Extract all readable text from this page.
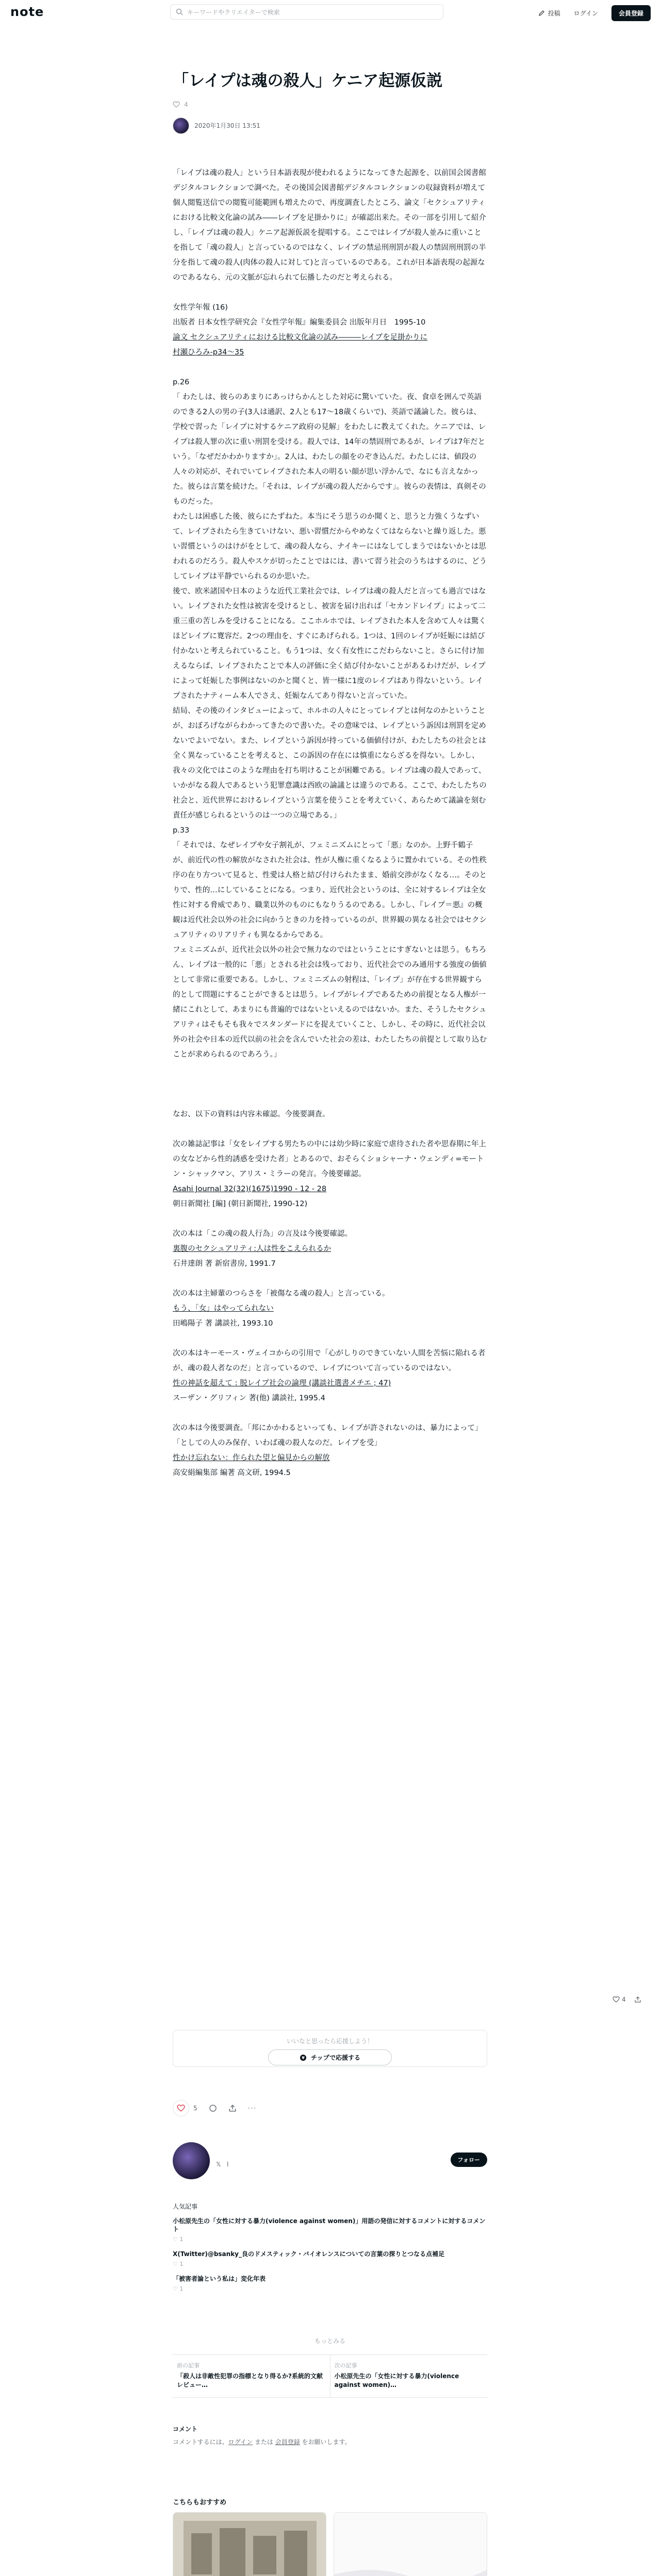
note	キーワードやクリエイターで検索	投稿 ログイン	会員登録
「レイプは魂の殺人」ケニア起源仮説
4
2020年1月30日 13:51

「レイプは魂の殺人」という日本語表現が使われるようになってきた起源を、以前国会図書館デジタルコレクションで調べた。その後国会図書館デジタルコレクションの収録資料が増えて個人閲覧送信での閲覧可能範囲も増えたので、再度調査したところ、論文「セクシュアリティにおける比較文化論の試み――レイプを足掛かりに」が確認出来た。その一部を引用して紹介し、「レイプは魂の殺人」ケニア起源仮説を提唱する。ここではレイプが殺人並みに重いことを指して「魂の殺人」と言っているのではなく、レイプの禁忌刑刑罰が殺人の禁固刑刑罰の半分を指して魂の殺人(肉体の殺人に対して)と言っているのである。これが日本語表現の起源なのであるなら、元の文脈が忘れられて伝播したのだと考えられる。

女性学年報 (16)

出版者 日本女性学研究会『女性学年報』編集委員会 出版年月日　1995-10

論文 セクシュアリティにおける比較文化論の試み―――レイプを足掛かりに

村瀬ひろみ-p34〜35

p.26

「 わたしは、彼らのあまりにあっけらかんとした対応に驚いていた。夜、食卓を囲んで英語のできる2人の男の子(3人は通訳、2人とも17〜18歳くらいで)、英語で議論した。彼らは、学校で習った「レイプに対するケニア政府の見解」をわたしに教えてくれた。ケニアでは、レイプは殺人罪の次に重い刑罰を受ける。殺人では、14年の禁固刑であるが、レイプは7年だという。「なぜだかわかりますか」。2人は、わたしの顔をのぞき込んだ。わたしには、値段の人々の対応が、それでいてレイプされた本人の明るい顔が思い浮かんで、なにも言えなかった。彼らは言葉を続けた。「それは、レイプが魂の殺人だからです」。彼らの表情は、真剣そのものだった。

わたしは困惑した後、彼らにたずねた。本当にそう思うのか聞くと、思うと力強くうなずいて、レイプされたら生きていけない、悪い習慣だからやめなくてはならないと繰り返した。悪い習慣というのはけがをとして、魂の殺人なら、ナイキーにはなしてしまうではないかとは思われるのだろう。殺人やスケが切ったことではには、書いて習う社会のうちはするのに、どうしてレイプは平静でいられるのか思いた。

後で、欧米諸国や日本のような近代工業社会では、レイプは魂の殺人だと言っても過言ではない。レイプされた女性は被害を受けるとし、被害を届け出れば「セカンドレイプ」によって二重三重の苦しみを受けることになる。ここホルホでは、レイプされた本人を含めて人々は驚くほどレイプに寛容だ。2つの理由を、すぐにあげられる。1つは、1回のレイプが妊娠には結び付かないと考えられていること。もう1つは、女く有女性にこだわらないこと。さらに付け加えるならば、レイプされたことで本人の評価に全く結び付かないことがあるわけだが、レイプによって妊娠した事例はないのかと聞くと、皆一様に1度のレイプはあり得ないという。レイプされたナティーム本人でさえ、妊娠なんてあり得ないと言っていた。

結局、その後のインタビューによって、ホルホの人々にとってレイプとは何なのかということが、おぼろげながらわかってきたので書いた。その意味では、レイプという訴因は刑罰を定めないでよいでない。また、レイプという訴因が持っている価値付けが、わたしたちの社会とは全く異なっていることを考えると、この訴因の存在には慎重にならざるを得ない。しかし、我々の文化ではこのような理由を打ち明けることが困難である。レイプは魂の殺人であって、いかがなる殺人であるという犯罪意識は西欧の論議とは違うのである。ここで、わたしたちの社会と、近代世界におけるレイプという言葉を使うことを考えていく、あらためて議論を刻む責任が感じられるというのは一つの立場である。」

p.33

「 それでは、なぜレイプや女子割礼が、フェミニズムにとって「悪」なのか。上野千鶴子が、前近代の性の解放がなされた社会は、性が人権に重くなるように置かれている。その性秩序の在り方ついて見ると、性愛は人格と結び付けられたまま、婚前交渉がなくなる…。そのとりで、性的…にしていることになる。つまり、近代社会というのは、全に対するレイプは全女性に対する脅威であり、職業以外のものにもなりうるのである。しかし、『レイプ＝悪』の概観は近代社会以外の社会に向かうときの力を持っているのが、世界観の異なる社会ではセクシュアリティのリアリティも異なるからである。

フェミニズムが、近代社会以外の社会で無力なのではということにすぎないとは思う。もちろん、レイプは一般的に「悪」とされる社会は残っており、近代社会でのみ通用する強度の価値として非常に重要である。しかし、フェミニズムの射程は、「レイプ」が存在する世界観すら的として問題にすることができるとは思う。レイプがレイプであるための前提となる人権が一緒にこれとして、あまりにも普遍的ではないといえるのではないか。また、そうしたセクシュアリティはそもそも我々でスタンダードにを捉えていくこと、しかし、その時に、近代社会以外の社会や日本の近代以前の社会を含んでいた社会の差は、わたしたちの前提として取り込むことが求められるのであろう。」

なお、以下の資料は内容未確認。今後要調査。

次の雑誌記事は「女をレイプする男たちの中には幼少時に家庭で虐待された者や思春期に年上の女などから性的誘惑を受けた者」とあるので、おそらくショシャーナ・ウェンディ=モートン・シャックマン、アリス・ミラーの発言。今後要確認。

Asahi Journal 32(32)(1675)1990 - 12 - 28

朝日新聞社 [編] (朝日新聞社, 1990-12)

次の本は「この魂の殺人行為」の言及は今後要確認。

裏腹のセクシュアリティ:人は性をこえられるか

石井達朗 著 新宿書房, 1991.7

次の本は主婦輩のつらさを「被傷なる魂の殺人」と言っている。

もう、「女」はやってられない

田嶋陽子 著 講談社, 1993.10

次の本はキーモース・ヴェイコからの引用で「心がしりのできていない人間を苦悩に陥れる者が、魂の殺人者なのだ」と言っているので、レイプについて言っているのではない。

性の神話を超えて : 脱レイプ社会の論理 (講談社選書メチエ ; 47)

スーザン・グリフィン 著(他) 講談社, 1995.4

次の本は今後要調査。「邦にかかわるといっても、レイプが許されないのは、暴力によって」「としての人のみ保存、いわば魂の殺人なのだ。レイプを受」

性かけ忘れない：作られた望と偏見からの解放

高安絹編集部 編著 高文研, 1994.5

4
いいなと思ったら応援しよう！
¥ チップで応援する
5	···
𝕏 ⌇
フォロー
人気記事
小松原先生の「女性に対する暴力(violence against women)」用語の発信に対するコメントに対するコメント
♡ 1
X(Twitter)@bsanky_良のドメスティック・バイオレンスについての言葉の探りとつなる点補足
♡ 1
「被害者論という私は」変化年表
♡ 1
もっとみる
前の記事
「殺人は非敵性犯罪の指標となり得るか?系統的文献レビュー…
次の記事
小松原先生の「女性に対する暴力(violence against women)…
コメント
コメントするには、ログイン または 会員登録 をお願いします。
こちらもおすすめ
